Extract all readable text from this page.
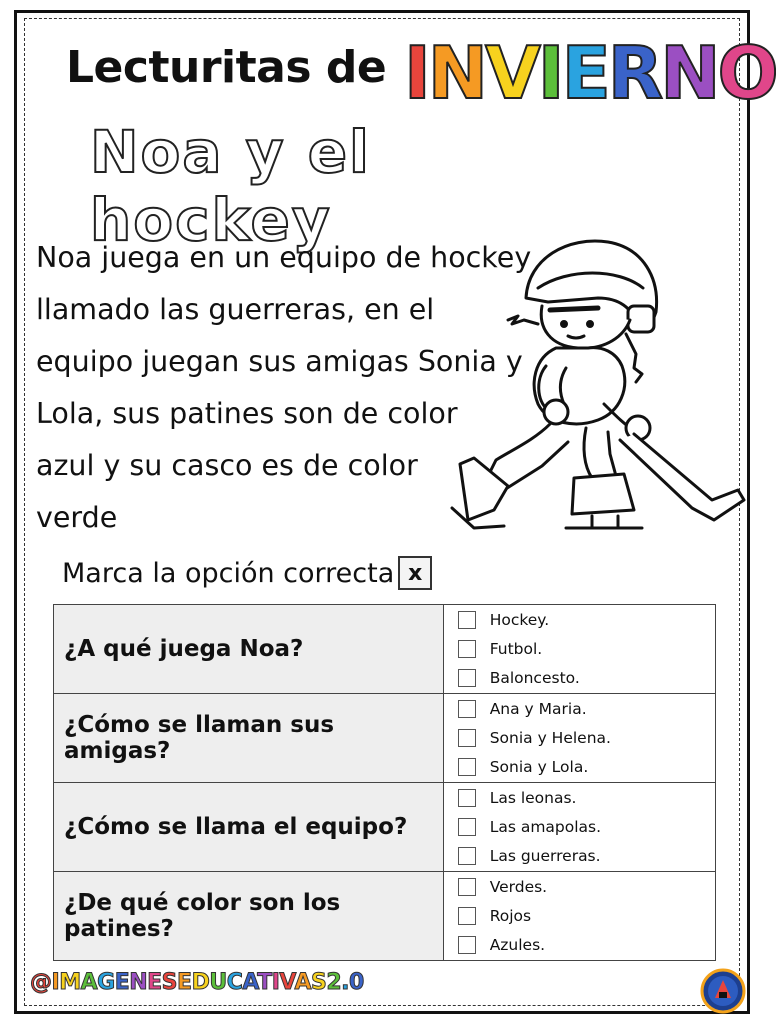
Lecturitas de INVIERNO
Noa y el hockey
Noa juega en un equipo de hockey
llamado las guerreras, en el
equipo juegan sus amigas Sonia y
Lola, sus patines son de color
azul y su casco es de color
verde
Marca la opción correcta x
¿A qué juega Noa?	Hockey.
Futbol.
Baloncesto.

¿Cómo se llaman sus amigas?	Ana y Maria.
Sonia y Helena.
Sonia y Lola.

¿Cómo se llama el equipo?	Las leonas.
Las amapolas.
Las guerreras.

¿De qué color son los patines?	Verdes.
Rojos
Azules.
@IMAGENESEDUCATIVAS2.0
